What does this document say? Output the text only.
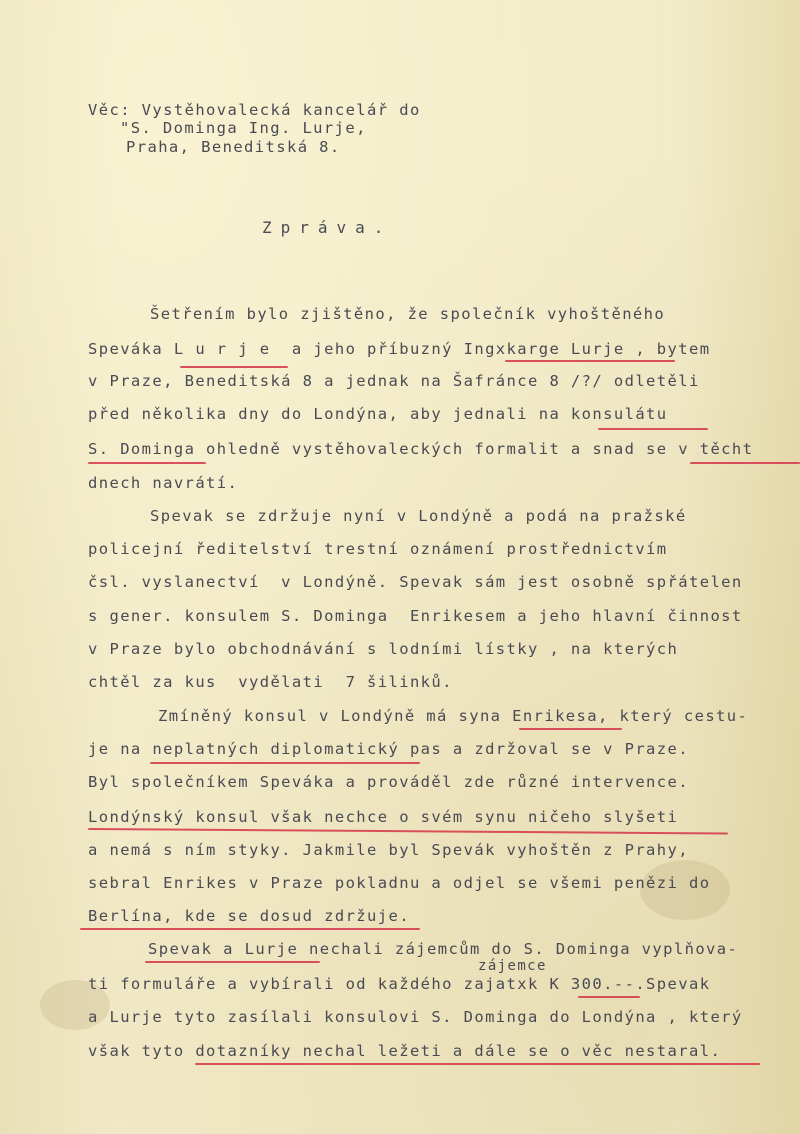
Věc: Vystěhovalecká kancelář do
"S. Dominga Ing. Lurje,
Praha, Beneditská 8.
Zpráva.
Šetřením bylo zjištěno, že společník vyhoštěného
Speváka L u r j e  a jeho příbuzný Ingxkarge Lurje , bytem
v Praze, Beneditská 8 a jednak na Šafránce 8 /?/ odletěli
před několika dny do Londýna, aby jednali na konsulátu
S. Dominga ohledně vystěhovaleckých formalit a snad se v těcht
dnech navrátí.
Spevak se zdržuje nyní v Londýně a podá na pražské
policejní ředitelství trestní oznámení prostřednictvím
čsl. vyslanectví  v Londýně. Spevak sám jest osobně spřátelen
s gener. konsulem S. Dominga  Enrikesem a jeho hlavní činnost
v Praze bylo obchodnávání s lodními lístky , na kterých
chtěl za kus  vydělati  7 šilinků.
Zmíněný konsul v Londýně má syna Enrikesa, který cestu-
je na neplatných diplomatický pas a zdržoval se v Praze.
Byl společníkem Speváka a prováděl zde různé intervence.
Londýnský konsul však nechce o svém synu ničeho slyšeti
a nemá s ním styky. Jakmile byl Spevák vyhoštěn z Prahy,
sebral Enrikes v Praze pokladnu a odjel se všemi penězi do
Berlína, kde se dosud zdržuje.
Spevak a Lurje nechali zájemcům do S. Dominga vyplňova-
zájemce
ti formuláře a vybírali od každého zajatxk K 300.--.Spevak
a Lurje tyto zasílali konsulovi S. Dominga do Londýna , který
však tyto dotazníky nechal ležeti a dále se o věc nestaral.
